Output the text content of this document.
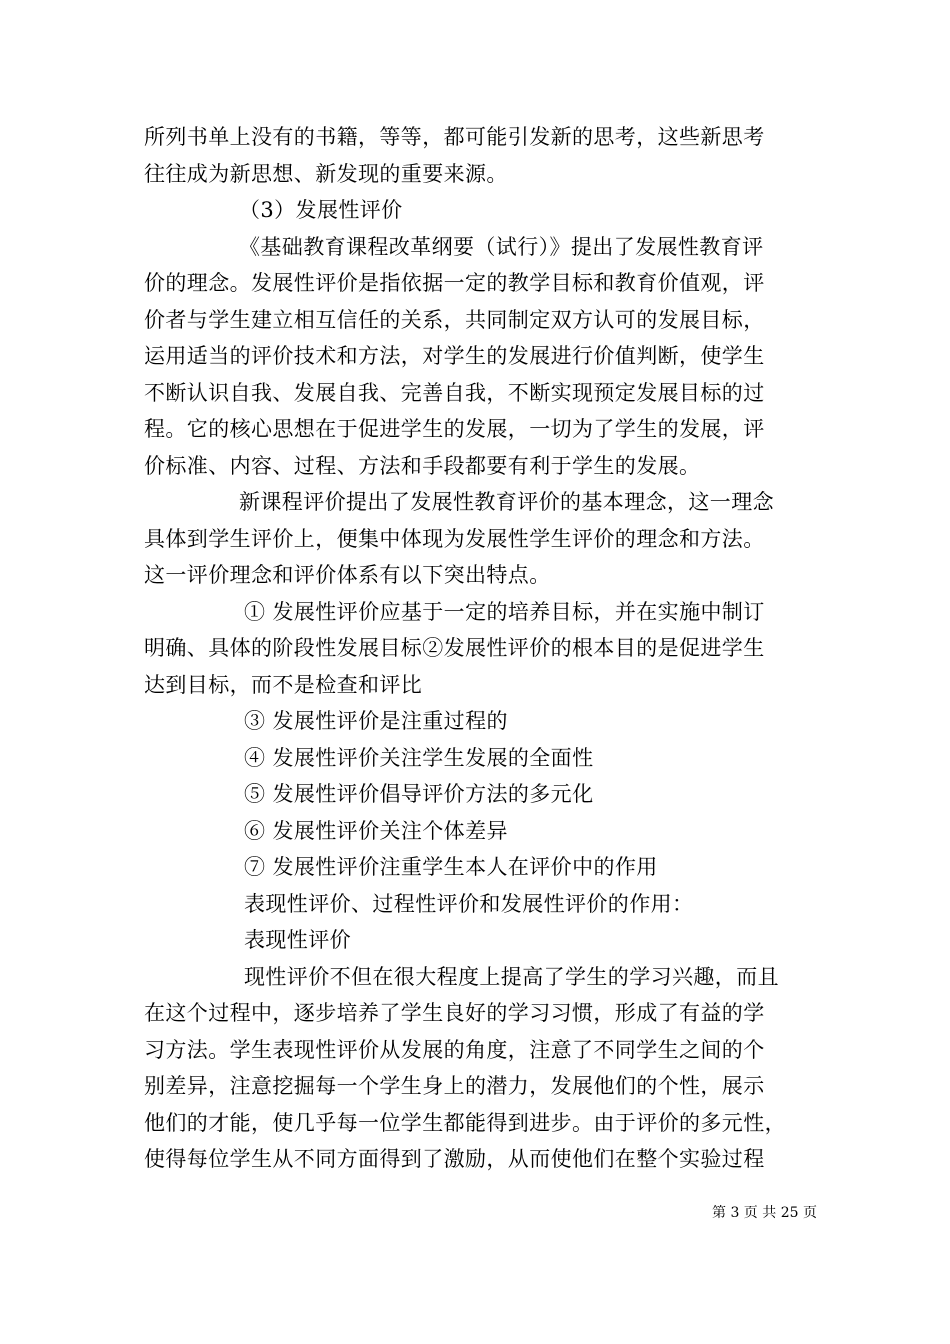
所列书单上没有的书籍，等等，都可能引发新的思考，这些新思考
往往成为新思想、新发现的重要来源。
（3）发展性评价
《基础教育课程改革纲要（试行）》提出了发展性教育评
价的理念。发展性评价是指依据一定的教学目标和教育价值观，评
价者与学生建立相互信任的关系，共同制定双方认可的发展目标，
运用适当的评价技术和方法，对学生的发展进行价值判断，使学生
不断认识自我、发展自我、完善自我，不断实现预定发展目标的过
程。它的核心思想在于促进学生的发展，一切为了学生的发展，评
价标准、内容、过程、方法和手段都要有利于学生的发展。
新课程评价提出了发展性教育评价的基本理念，这一理念
具体到学生评价上，便集中体现为发展性学生评价的理念和方法。
这一评价理念和评价体系有以下突出特点。
① 发展性评价应基于一定的培养目标，并在实施中制订
明确、具体的阶段性发展目标②发展性评价的根本目的是促进学生
达到目标，而不是检查和评比
③ 发展性评价是注重过程的
④ 发展性评价关注学生发展的全面性
⑤ 发展性评价倡导评价方法的多元化
⑥ 发展性评价关注个体差异
⑦ 发展性评价注重学生本人在评价中的作用
表现性评价、过程性评价和发展性评价的作用：
表现性评价
现性评价不但在很大程度上提高了学生的学习兴趣，而且
在这个过程中，逐步培养了学生良好的学习习惯，形成了有益的学
习方法。学生表现性评价从发展的角度，注意了不同学生之间的个
别差异，注意挖掘每一个学生身上的潜力，发展他们的个性，展示
他们的才能，使几乎每一位学生都能得到进步。由于评价的多元性，
使得每位学生从不同方面得到了激励，从而使他们在整个实验过程
第 3 页 共 25 页
